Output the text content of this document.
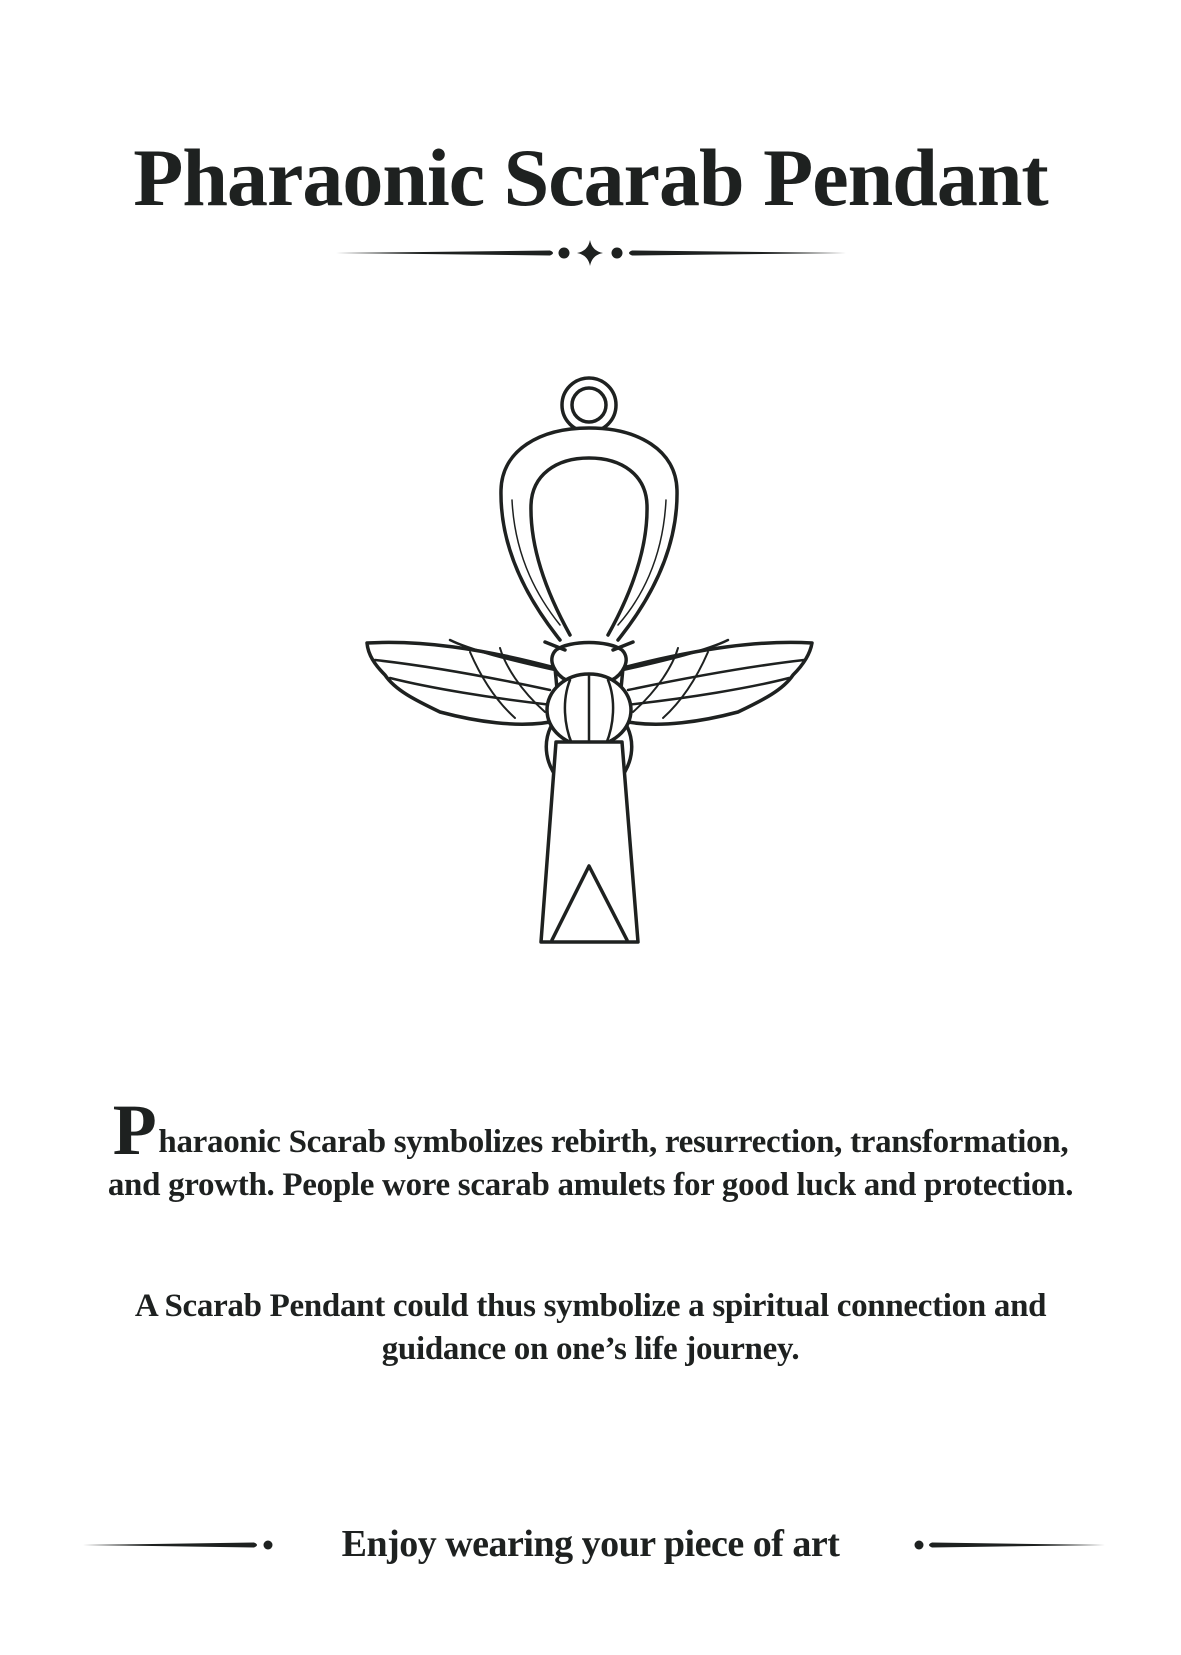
Pharaonic Scarab Pendant

Pharaonic Scarab symbolizes rebirth, resurrection, transformation, and growth. People wore scarab amulets for good luck and protection.

A Scarab Pendant could thus symbolize a spiritual connection and guidance on one’s life journey.

Enjoy wearing your piece of art
